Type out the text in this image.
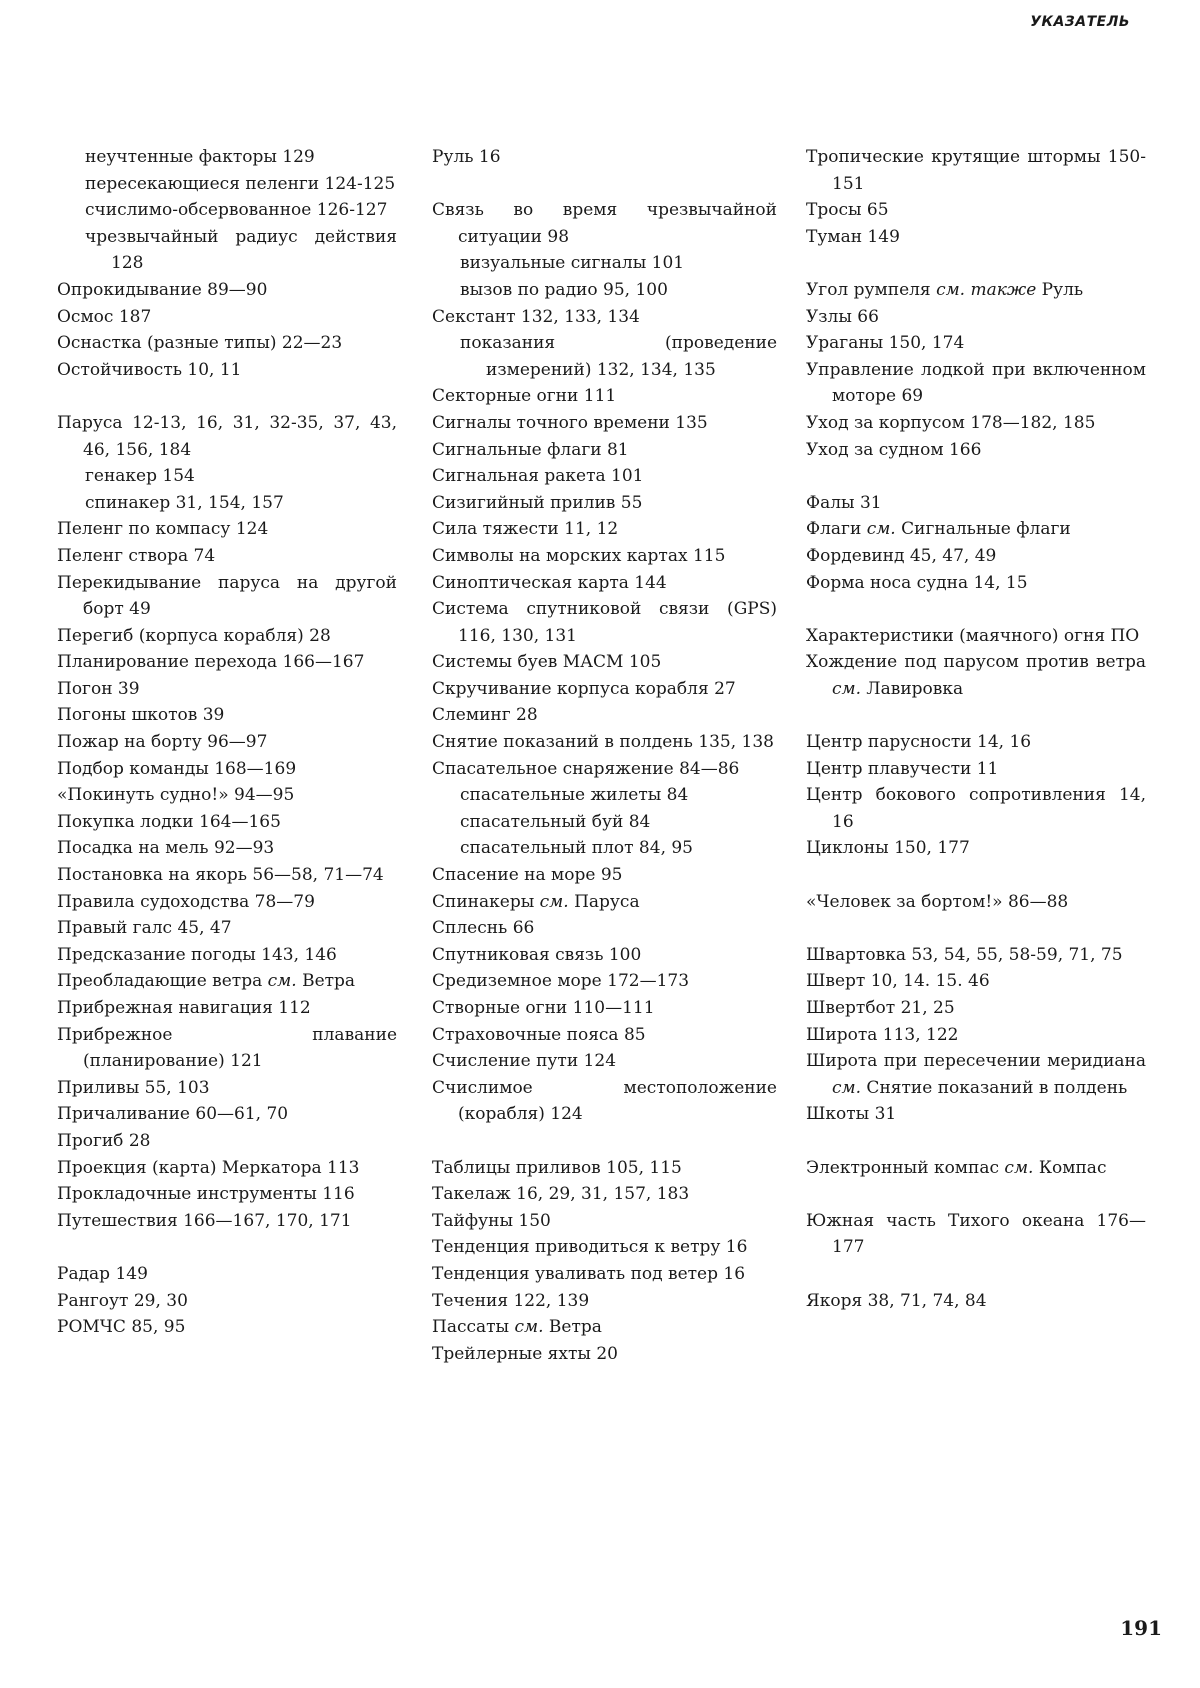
УКАЗАТЕЛЬ
неучтенные факторы 129
пересекающиеся пеленги 124-125
счислимо-обсервованное 126-127
чрезвычайный радиус действия 128
Опрокидывание 89—90
Осмос 187
Оснастка (разные типы) 22—23
Остойчивость 10, 11
Паруса 12-13, 16, 31, 32-35, 37, 43, 46, 156, 184
генакер 154
спинакер 31, 154, 157
Пеленг по компасу 124
Пеленг створа 74
Перекидывание паруса на другой борт 49
Перегиб (корпуса корабля) 28
Планирование перехода 166—167
Погон 39
Погоны шкотов 39
Пожар на борту 96—97
Подбор команды 168—169
«Покинуть судно!» 94—95
Покупка лодки 164—165
Посадка на мель 92—93
Постановка на якорь 56—58, 71—74
Правила судоходства 78—79
Правый галс 45, 47
Предсказание погоды 143, 146
Преобладающие ветра см. Ветра
Прибрежная навигация 112
Прибрежное плавание (планирование) 121
Приливы 55, 103
Причаливание 60—61, 70
Прогиб 28
Проекция (карта) Меркатора 113
Прокладочные инструменты 116
Путешествия 166—167, 170, 171
Радар 149
Рангоут 29, 30
РОМЧС 85, 95
Руль 16
Связь во время чрезвычайной ситуации 98
визуальные сигналы 101
вызов по радио 95, 100
Секстант 132, 133, 134
показания (проведение измерений) 132, 134, 135
Секторные огни 111
Сигналы точного времени 135
Сигнальные флаги 81
Сигнальная ракета 101
Сизигийный прилив 55
Сила тяжести 11, 12
Символы на морских картах 115
Синоптическая карта 144
Система спутниковой связи (GPS) 116, 130, 131
Системы буев МАСМ 105
Скручивание корпуса корабля 27
Слеминг 28
Снятие показаний в полдень 135, 138
Спасательное снаряжение 84—86
спасательные жилеты 84
спасательный буй 84
спасательный плот 84, 95
Спасение на море 95
Спинакеры см. Паруса
Сплеснь 66
Спутниковая связь 100
Средиземное море 172—173
Створные огни 110—111
Страховочные пояса 85
Счисление пути 124
Счислимое местоположение (корабля) 124
Таблицы приливов 105, 115
Такелаж 16, 29, 31, 157, 183
Тайфуны 150
Тенденция приводиться к ветру 16
Тенденция уваливать под ветер 16
Течения 122, 139
Пассаты см. Ветра
Трейлерные яхты 20
Тропические крутящие штормы 150-151
Тросы 65
Туман 149
Угол румпеля см. также Руль
Узлы 66
Ураганы 150, 174
Управление лодкой при включенном моторе 69
Уход за корпусом 178—182, 185
Уход за судном 166
Фалы 31
Флаги см. Сигнальные флаги
Фордевинд 45, 47, 49
Форма носа судна 14, 15
Характеристики (маячного) огня ПО
Хождение под парусом против ветра см. Лавировка
Центр парусности 14, 16
Центр плавучести 11
Центр бокового сопротивления 14, 16
Циклоны 150, 177
«Человек за бортом!» 86—88
Швартовка 53, 54, 55, 58-59, 71, 75
Шверт 10, 14. 15. 46
Швертбот 21, 25
Широта 113, 122
Широта при пересечении меридиана см. Снятие показаний в полдень
Шкоты 31
Электронный компас см. Компас
Южная часть Тихого океана 176—177
Якоря 38, 71, 74, 84
191
